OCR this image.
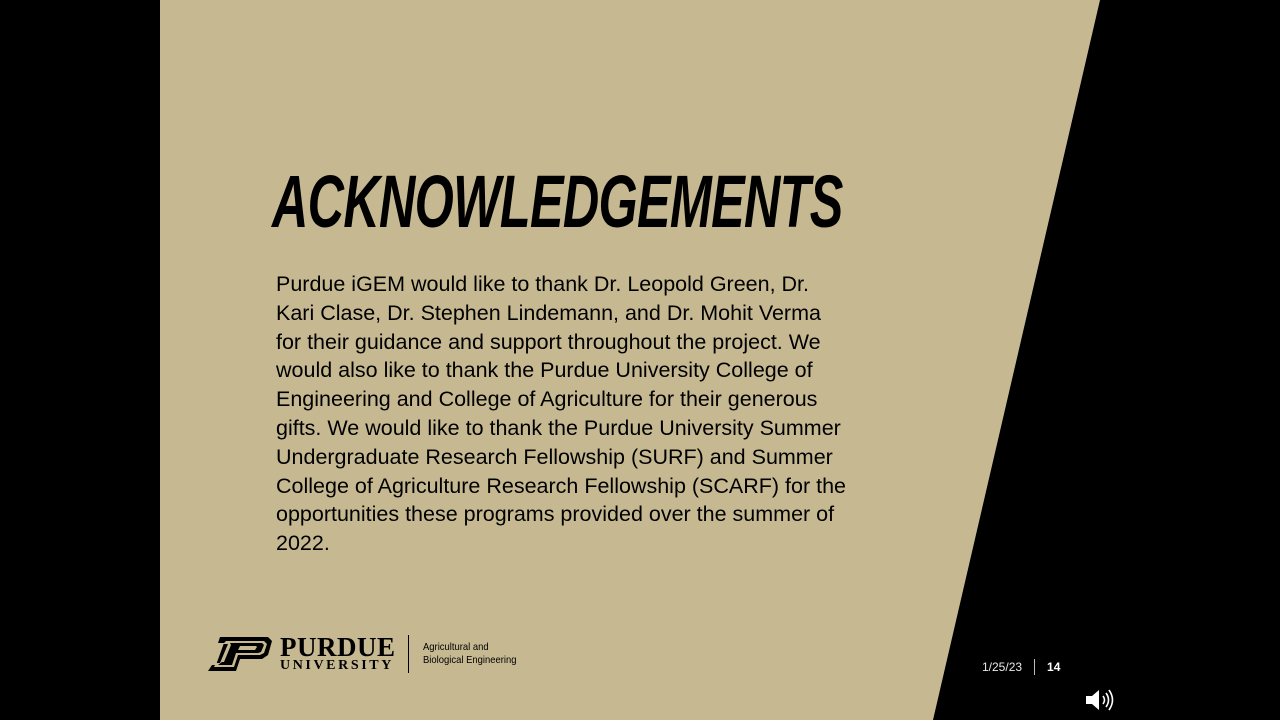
ACKNOWLEDGEMENTS
Purdue iGEM would like to thank Dr. Leopold Green, Dr. Kari Clase, Dr. Stephen Lindemann, and Dr. Mohit Verma for their guidance and support throughout the project. We would also like to thank the Purdue University College of Engineering and College of Agriculture for their generous gifts. We would like to thank the Purdue University Summer Undergraduate Research Fellowship (SURF) and Summer College of Agriculture Research Fellowship (SCARF) for the opportunities these programs provided over the summer of 2022.
PURDUE
UNIVERSITY
Agricultural and
Biological Engineering	1/25/23 14
